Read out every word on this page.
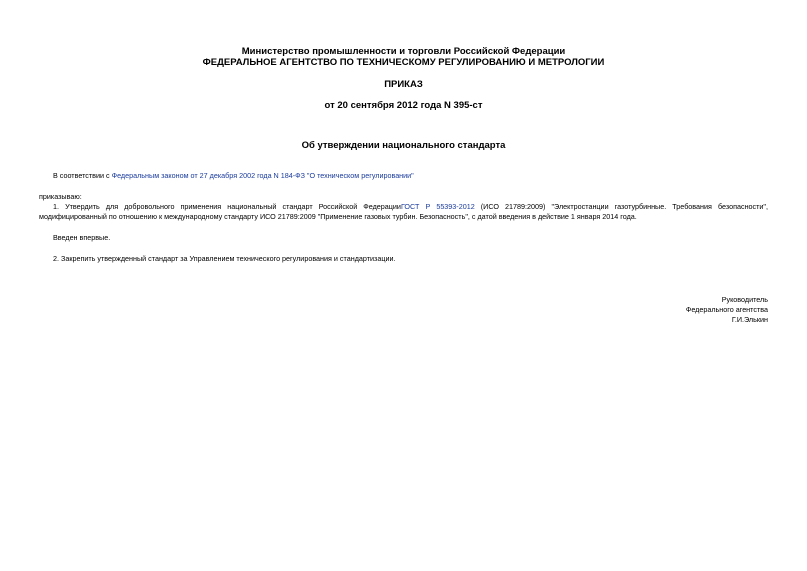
Министерство промышленности и торговли Российской Федерации
ФЕДЕРАЛЬНОЕ АГЕНТСТВО ПО ТЕХНИЧЕСКОМУ РЕГУЛИРОВАНИЮ И МЕТРОЛОГИИ
ПРИКАЗ
от 20 сентября 2012 года N 395-ст
Об утверждении национального стандарта
В соответствии с Федеральным законом от 27 декабря 2002 года N 184-ФЗ "О техническом регулировании"
приказываю:
1. Утвердить для добровольного применения национальный стандарт Российской ФедерацииГОСТ Р 55393-2012 (ИСО 21789:2009) "Электростанции газотурбинные. Требования безопасности", модифицированный по отношению к международному стандарту ИСО 21789:2009 "Применение газовых турбин. Безопасность", с датой введения в действие 1 января 2014 года.
Введен впервые.
2. Закрепить утвержденный стандарт за Управлением технического регулирования и стандартизации.
Руководитель
Федерального агентства
Г.И.Элькин
